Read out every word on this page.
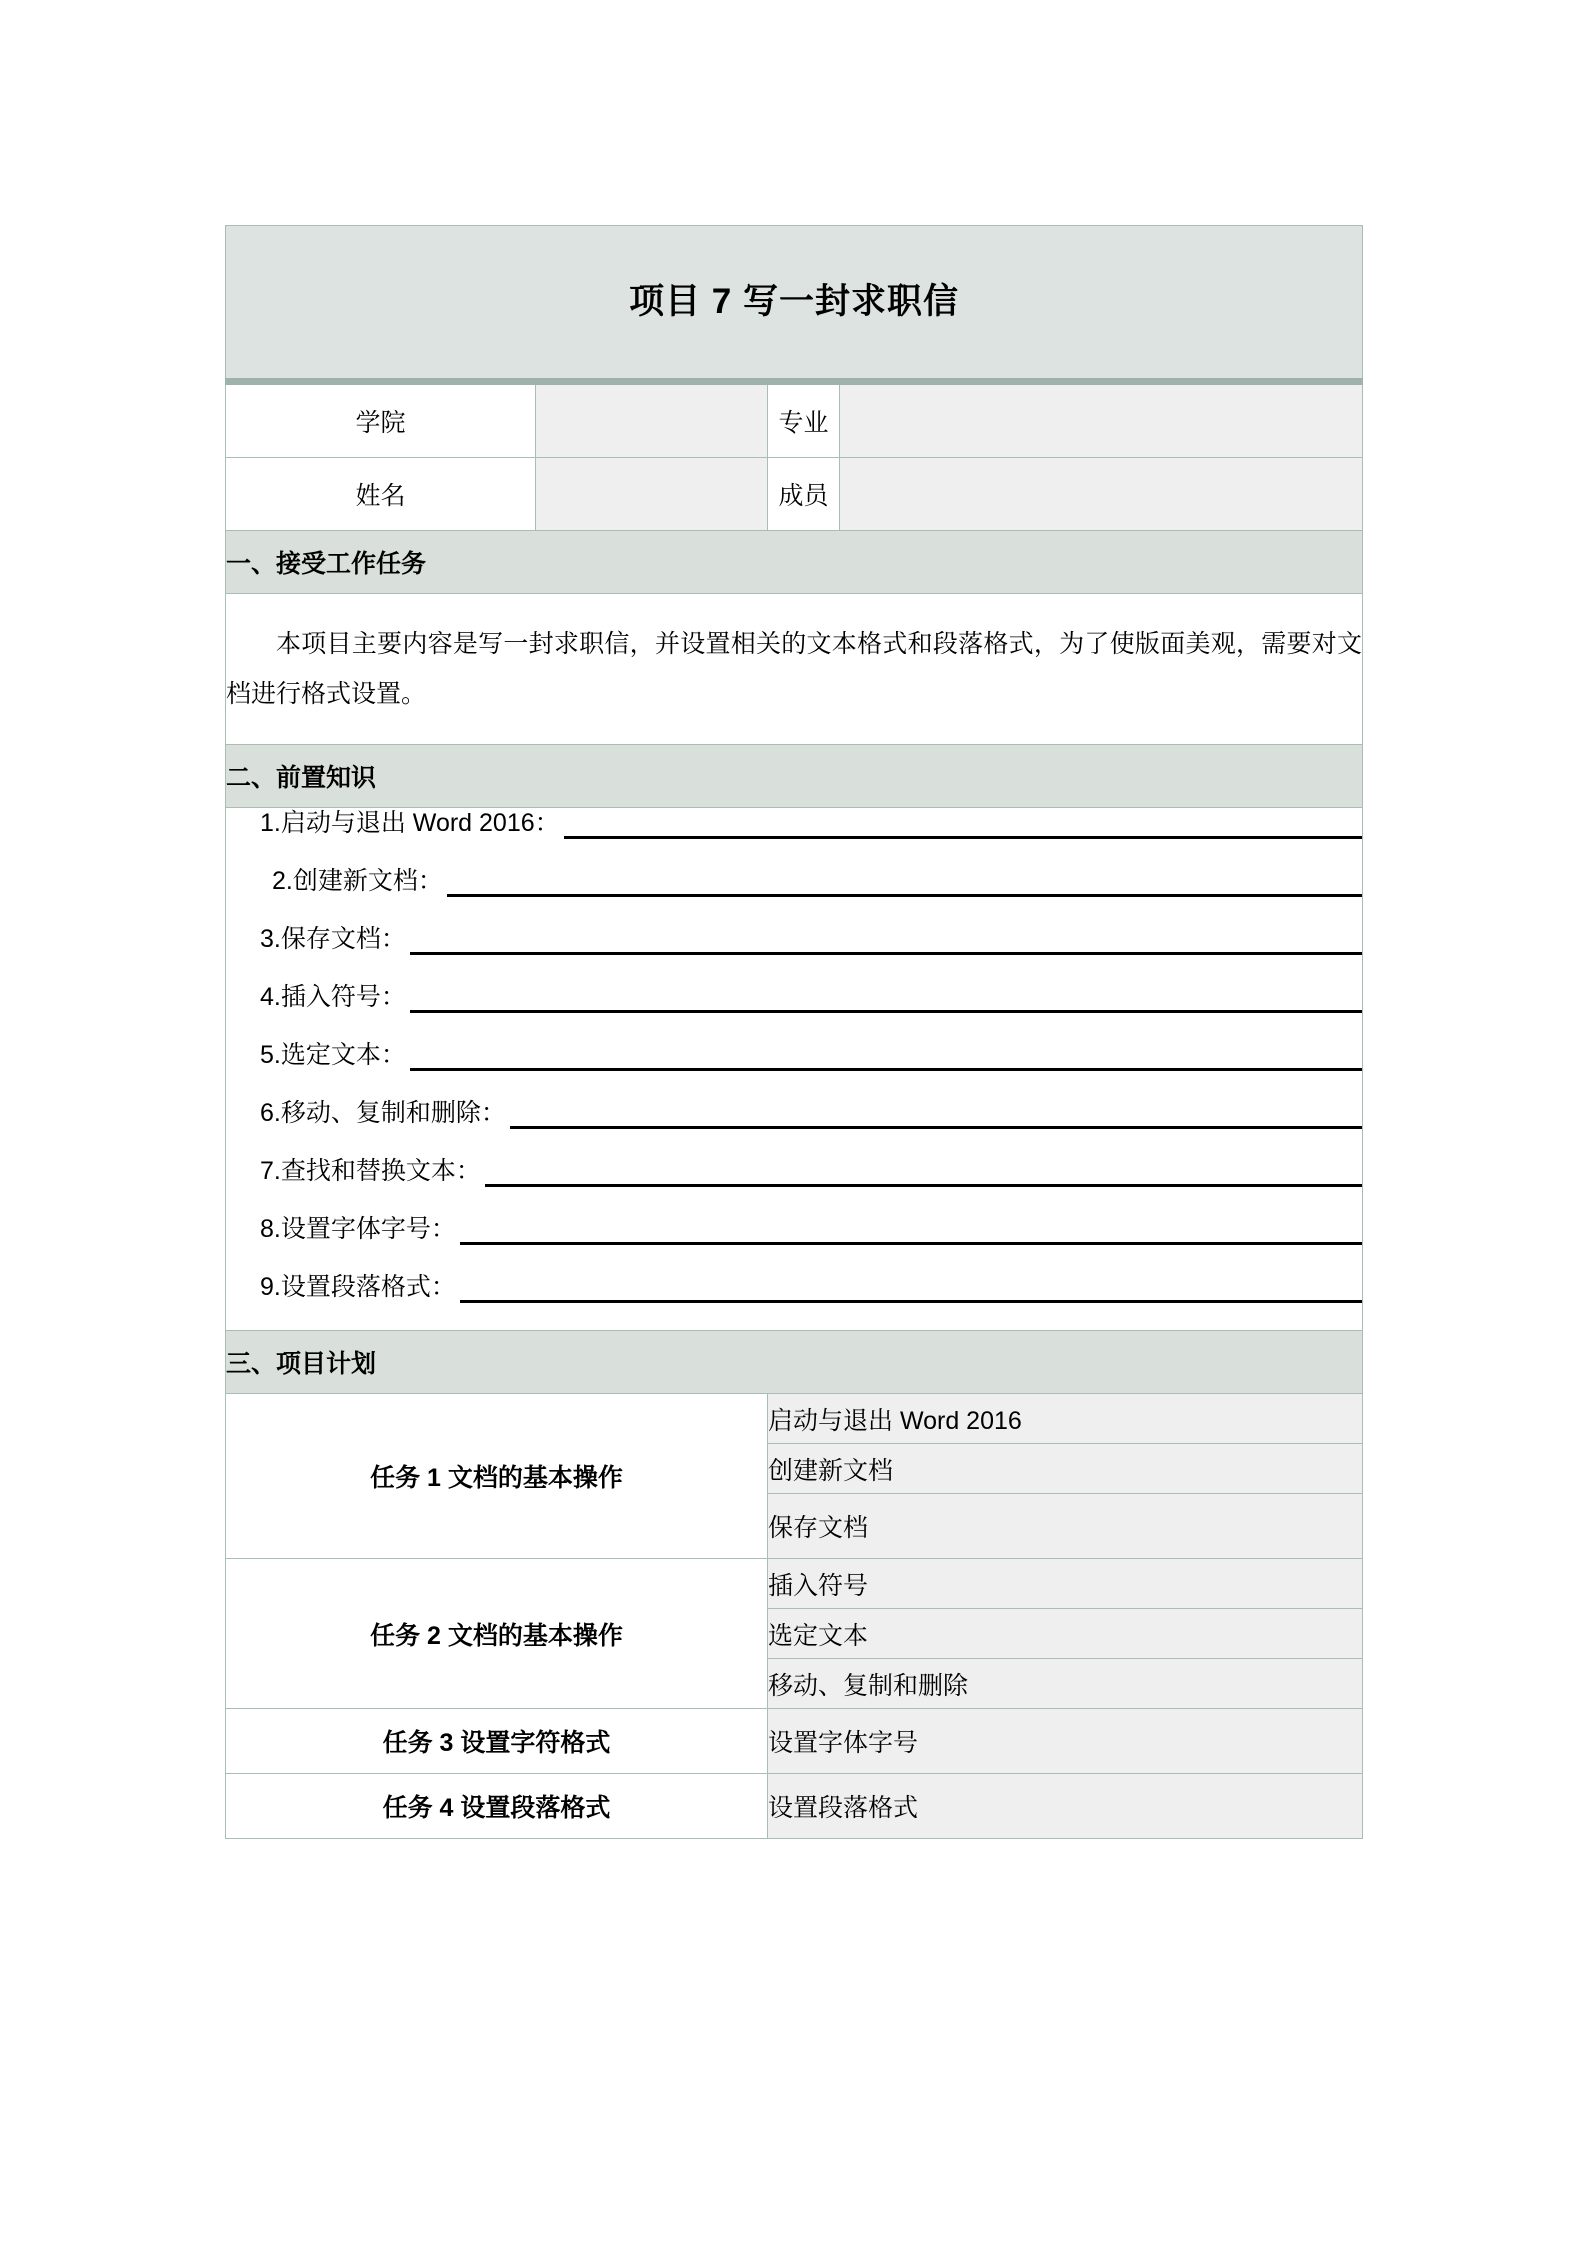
项目 7 写一封求职信			
学院		专业	
姓名		成员	

一、接受工作任务			

本项目主要内容是写一封求职信，并设置相关的文本格式和段落格式，为了使版面美观，需要对文档进行格式设置。			

二、前置知识			

1.启动与退出 Word 2016：
2.创建新文档：
3.保存文档：
4.插入符号：
5.选定文本：
6.移动、复制和删除：
7.查找和替换文本：
8.设置字体字号：
9.设置段落格式：

三、项目计划			

任务 1 文档的基本操作		启动与退出 Word 2016	
		创建新文档	
		保存文档	
任务 2 文档的基本操作		插入符号	
		选定文本	
		移动、复制和删除	
任务 3 设置字符格式		设置字体字号	
任务 4 设置段落格式		设置段落格式	
